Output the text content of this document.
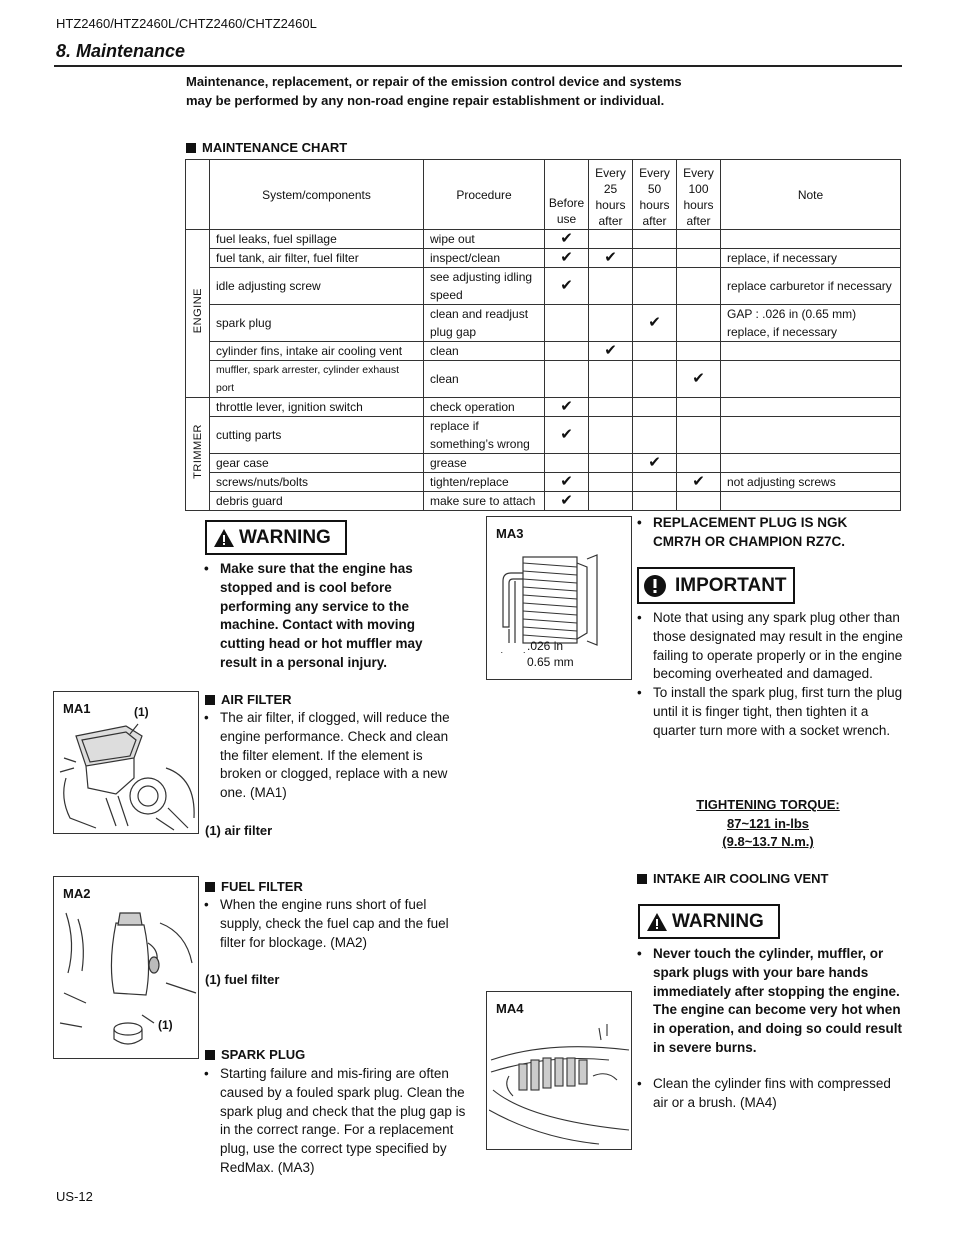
HTZ2460/HTZ2460L/CHTZ2460/CHTZ2460L
8. Maintenance
Maintenance, replacement, or repair of the emission control device and systems may be performed by any non-road engine repair establishment or individual.
MAINTENANCE CHART
	System/components	Procedure	Before use	Every 25 hours after	Every 50 hours after	Every 100 hours after	Note
ENGINE	fuel leaks, fuel spillage	wipe out	✔				
	fuel tank, air filter, fuel filter	inspect/clean	✔	✔			replace, if necessary
	idle adjusting screw	see adjusting idling speed	✔				replace carburetor if necessary
	spark plug	clean and readjust plug gap			✔		GAP : .026 in (0.65 mm) replace, if necessary
	cylinder fins, intake air cooling vent	clean		✔			
	muffler, spark arrester, cylinder exhaust port	clean				✔	
TRIMMER	throttle lever, ignition switch	check operation	✔				
	cutting parts	replace if something’s wrong	✔				
	gear case	grease			✔		
	screws/nuts/bolts	tighten/replace	✔			✔	not adjusting screws
	debris guard	make sure to attach	✔				
WARNING
• Make sure that the engine has stopped and is cool before performing any service to the machine. Contact with moving cutting head or hot muffler may result in a personal injury.
MA1	(1)
AIR FILTER
• The air filter, if clogged, will reduce the engine performance. Check and clean the filter element. If the element is broken or clogged, replace with a new one. (MA1)
(1) air filter
MA2
(1)
FUEL FILTER
• When the engine runs short of fuel supply, check the fuel cap and the fuel filter for blockage. (MA2)
(1) fuel filter
SPARK PLUG
• Starting failure and mis-firing are often caused by a fouled spark plug. Clean the spark plug and check that the plug gap is in the correct range. For a replacement plug, use the correct type specified by RedMax. (MA3)
MA3
.026 in
0.65 mm
• REPLACEMENT PLUG IS NGK CMR7H OR CHAMPION RZ7C.
IMPORTANT
• Note that using any spark plug other than those designated may result in the engine failing to operate properly or in the engine becoming overheated and damaged.
• To install the spark plug, first turn the plug until it is finger tight, then tighten it a quarter turn more with a socket wrench.
TIGHTENING TORQUE:
87~121 in-lbs
(9.8~13.7 N.m.)
INTAKE AIR COOLING VENT
WARNING
• Never touch the cylinder, muffler, or spark plugs with your bare hands immediately after stopping the engine. The engine can become very hot when in operation, and doing so could result in severe burns.
• Clean the cylinder fins with compressed air or a brush. (MA4)
MA4
US-12
